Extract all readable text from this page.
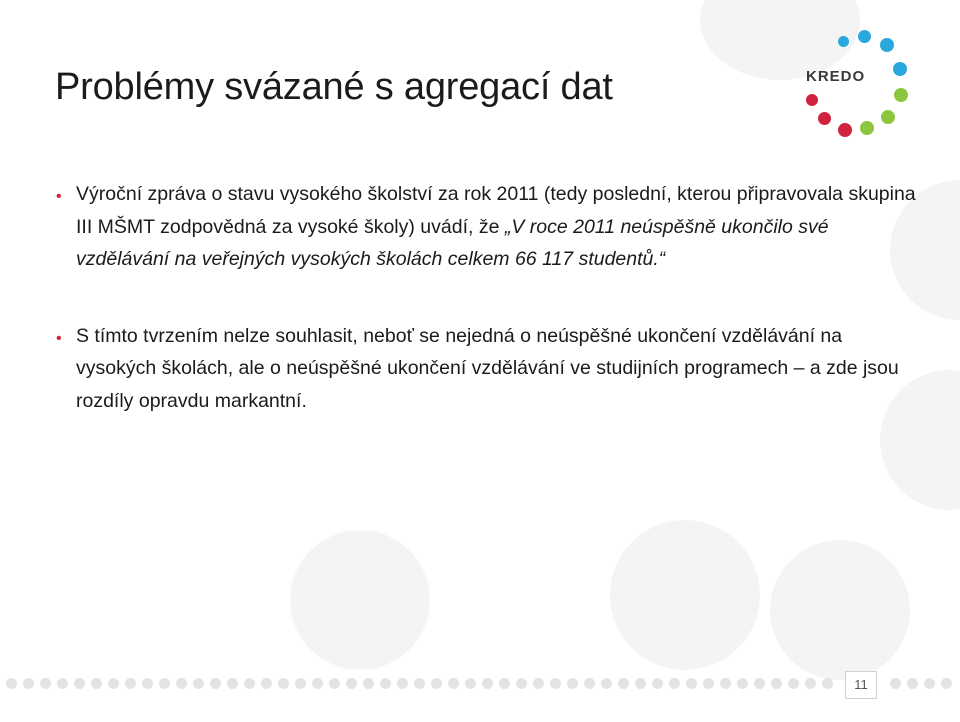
Problémy svázané s agregací dat	KREDO
• Výroční zpráva o stavu vysokého školství za rok 2011 (tedy poslední, kterou připravovala skupina III MŠMT zodpovědná za vysoké školy) uvádí, že „V roce 2011 neúspěšně ukončilo své vzdělávání na veřejných vysokých školách celkem 66 117 studentů.“
• S tímto tvrzením nelze souhlasit, neboť se nejedná o neúspěšné ukončení vzdělávání na vysokých školách, ale o neúspěšné ukončení vzdělávání ve studijních programech – a zde jsou rozdíly opravdu markantní.
11
